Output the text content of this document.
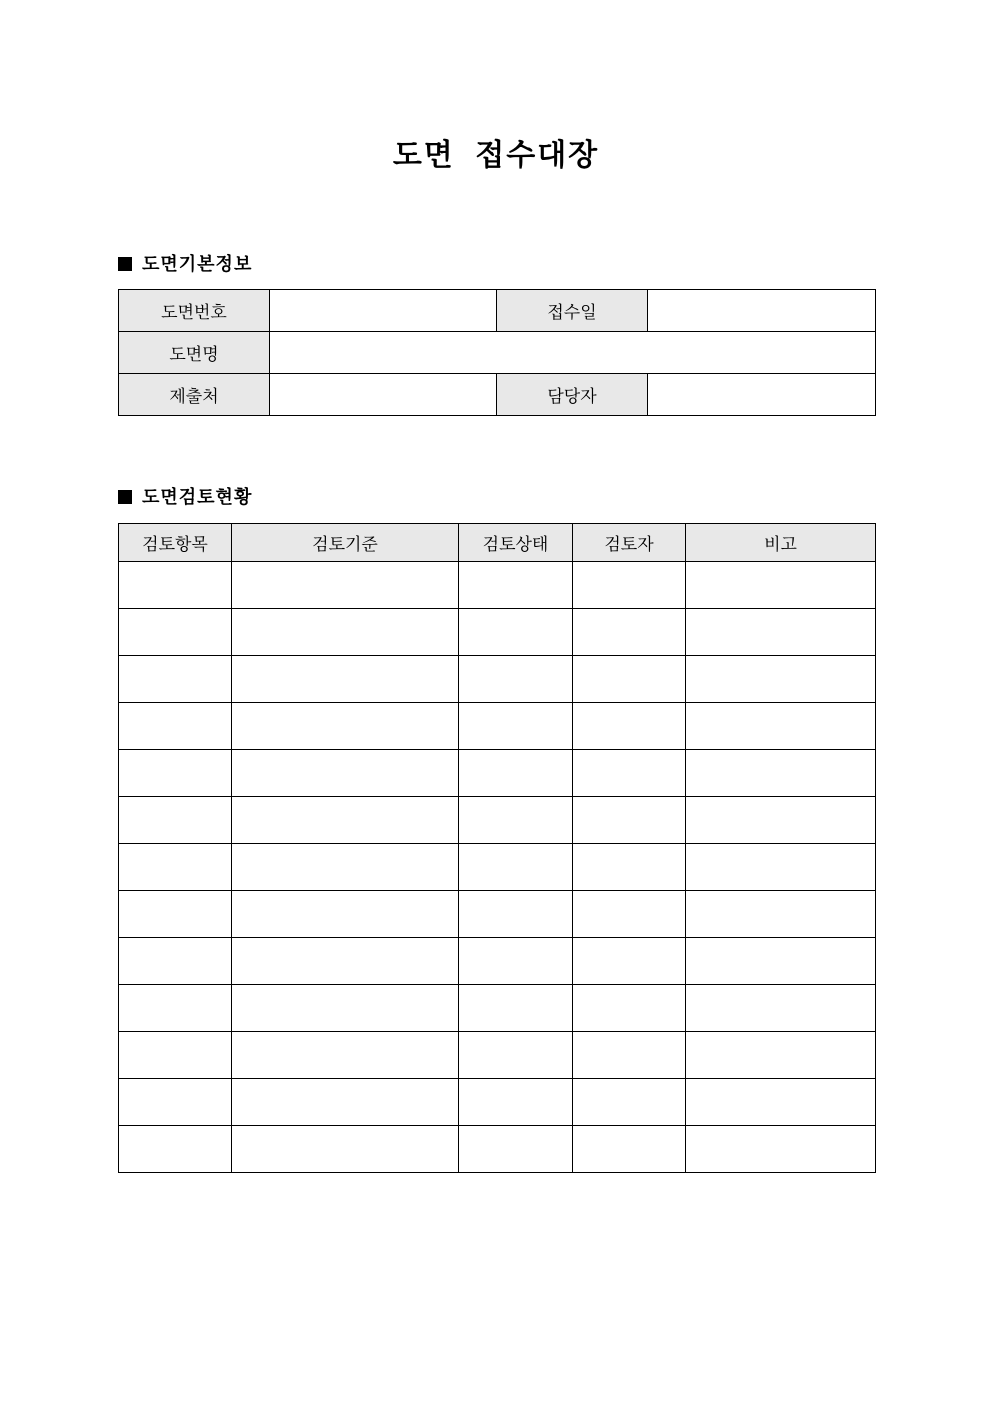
도면 접수대장
도면기본정보
도면번호		접수일	
도면명			
제출처		담당자	
도면검토현황
검토항목	검토기준	검토상태	검토자	비고
